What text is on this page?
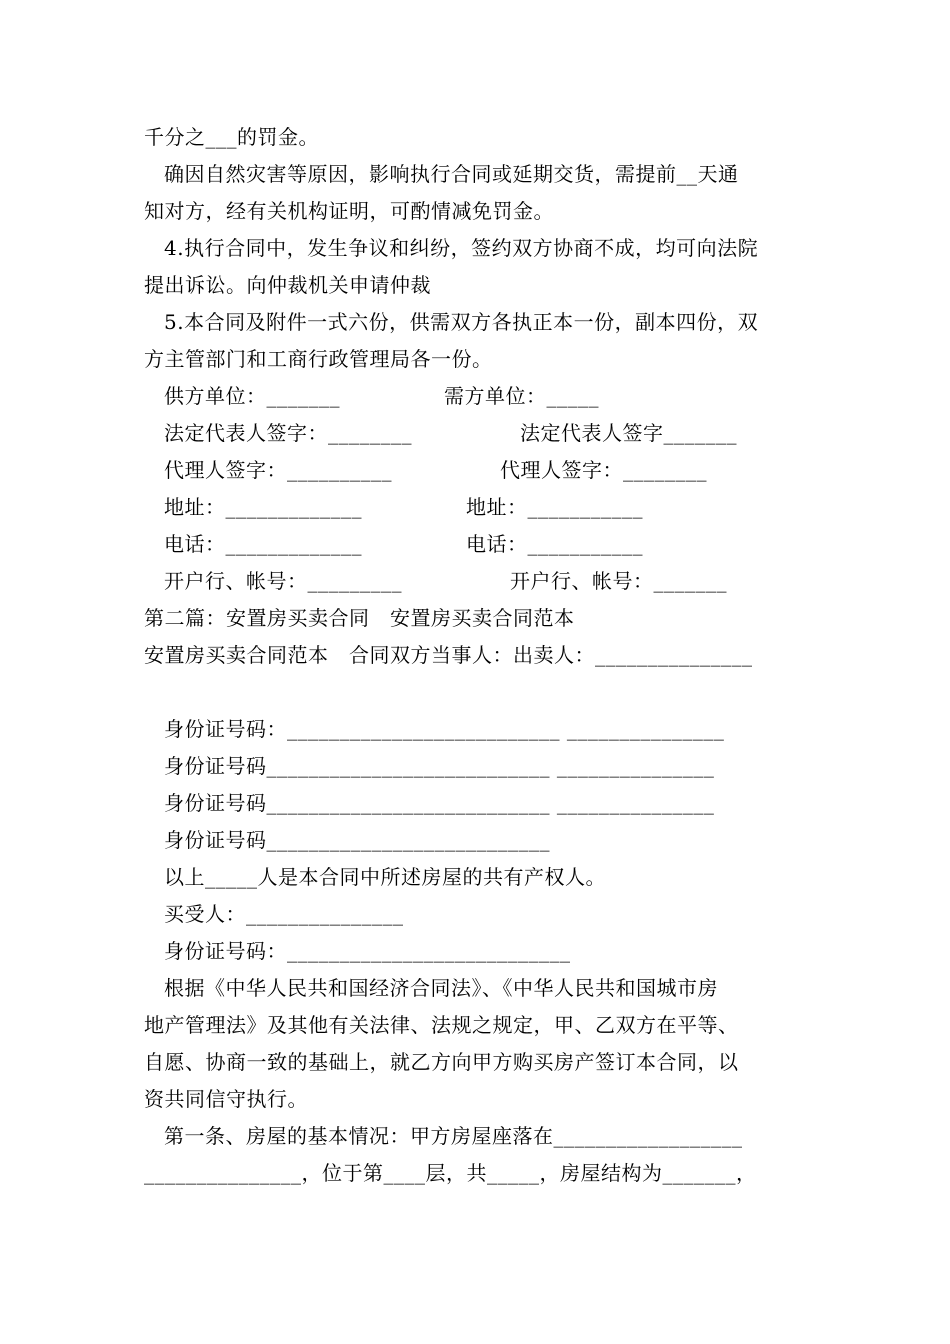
千分之___的罚金。
确因自然灾害等原因，影响执行合同或延期交货，需提前__天通
知对方，经有关机构证明，可酌情减免罚金。
4.执行合同中，发生争议和纠纷，签约双方协商不成，均可向法院
提出诉讼。向仲裁机关申请仲裁
5.本合同及附件一式六份，供需双方各执正本一份，副本四份，双
方主管部门和工商行政管理局各一份。
供方单位：_______	需方单位：_____
法定代表人签字：________	法定代表人签字_______
代理人签字：__________	代理人签字：________
地址：_____________	地址：___________
电话：_____________	电话：___________
开户行、帐号：_________	开户行、帐号：_______
第二篇：安置房买卖合同　安置房买卖合同范本
安置房买卖合同范本　合同双方当事人：出卖人：_______________
身份证号码：__________________________ _______________
身份证号码___________________________ _______________
身份证号码___________________________ _______________
身份证号码___________________________
以上_____人是本合同中所述房屋的共有产权人。
买受人：_______________
身份证号码：___________________________
根据《中华人民共和国经济合同法》、《中华人民共和国城市房
地产管理法》及其他有关法律、法规之规定，甲、乙双方在平等、
自愿、协商一致的基础上，就乙方向甲方购买房产签订本合同，以
资共同信守执行。
第一条、房屋的基本情况：甲方房屋座落在__________________
_______________，位于第____层，共_____，房屋结构为_______，
